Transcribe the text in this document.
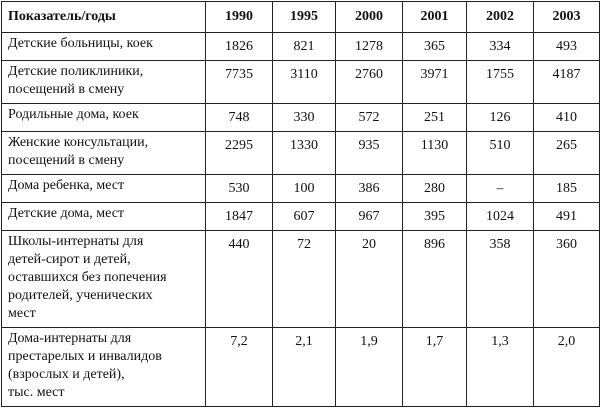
Показатель/годы	1990	1995	2000	2001	2002	2003

Детские больницы, коек	1826	821	1278	365	334	493

Детские поликлиники,
посещений в смену	7735	3110	2760	3971	1755	4187

Родильные дома, коек	748	330	572	251	126	410

Женские консультации,
посещений в смену	2295	1330	935	1130	510	265

Дома ребенка, мест	530	100	386	280	–	185

Детские дома, мест	1847	607	967	395	1024	491

Школы-интернаты для
детей-сирот и детей,
оставшихся без попечения
родителей, ученических
мест	440	72	20	896	358	360

Дома-интернаты для
престарелых и инвалидов
(взрослых и детей),
тыс. мест	7,2	2,1	1,9	1,7	1,3	2,0
